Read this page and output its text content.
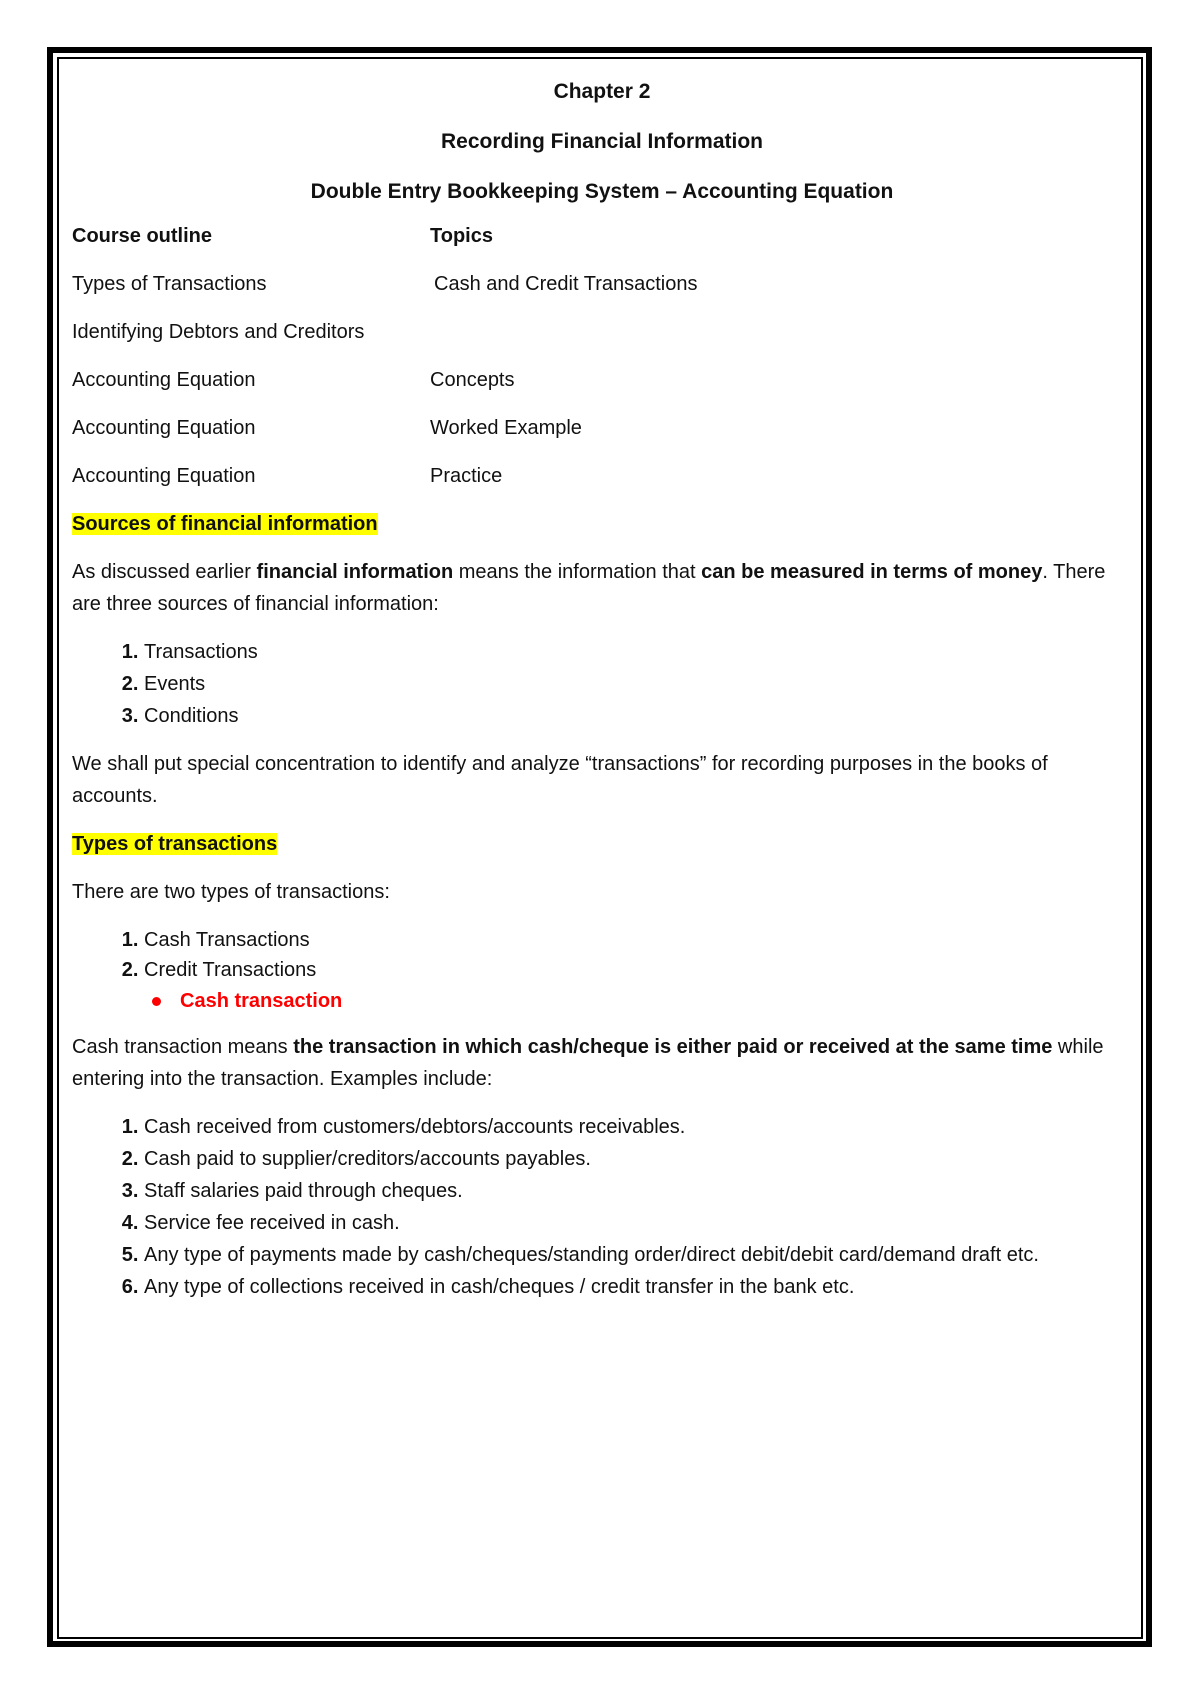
Chapter 2
Recording Financial Information
Double Entry Bookkeeping System – Accounting Equation
Course outline	Topics
Types of Transactions	Cash and Credit Transactions
Identifying Debtors and Creditors
Accounting Equation	Concepts
Accounting Equation	Worked Example
Accounting Equation	Practice
Sources of financial information

As discussed earlier financial information means the information that can be measured in terms of money. There are three sources of financial information:

1. Transactions
2. Events
3. Conditions

We shall put special concentration to identify and analyze “transactions” for recording purposes in the books of accounts.

Types of transactions

There are two types of transactions:

1. Cash Transactions
2. Credit Transactions
Cash transaction

Cash transaction means the transaction in which cash/cheque is either paid or received at the same time while entering into the transaction. Examples include:

1. Cash received from customers/debtors/accounts receivables.
2. Cash paid to supplier/creditors/accounts payables.
3. Staff salaries paid through cheques.
4. Service fee received in cash.
5. Any type of payments made by cash/cheques/standing order/direct debit/debit card/demand draft etc.
6. Any type of collections received in cash/cheques / credit transfer in the bank etc.
